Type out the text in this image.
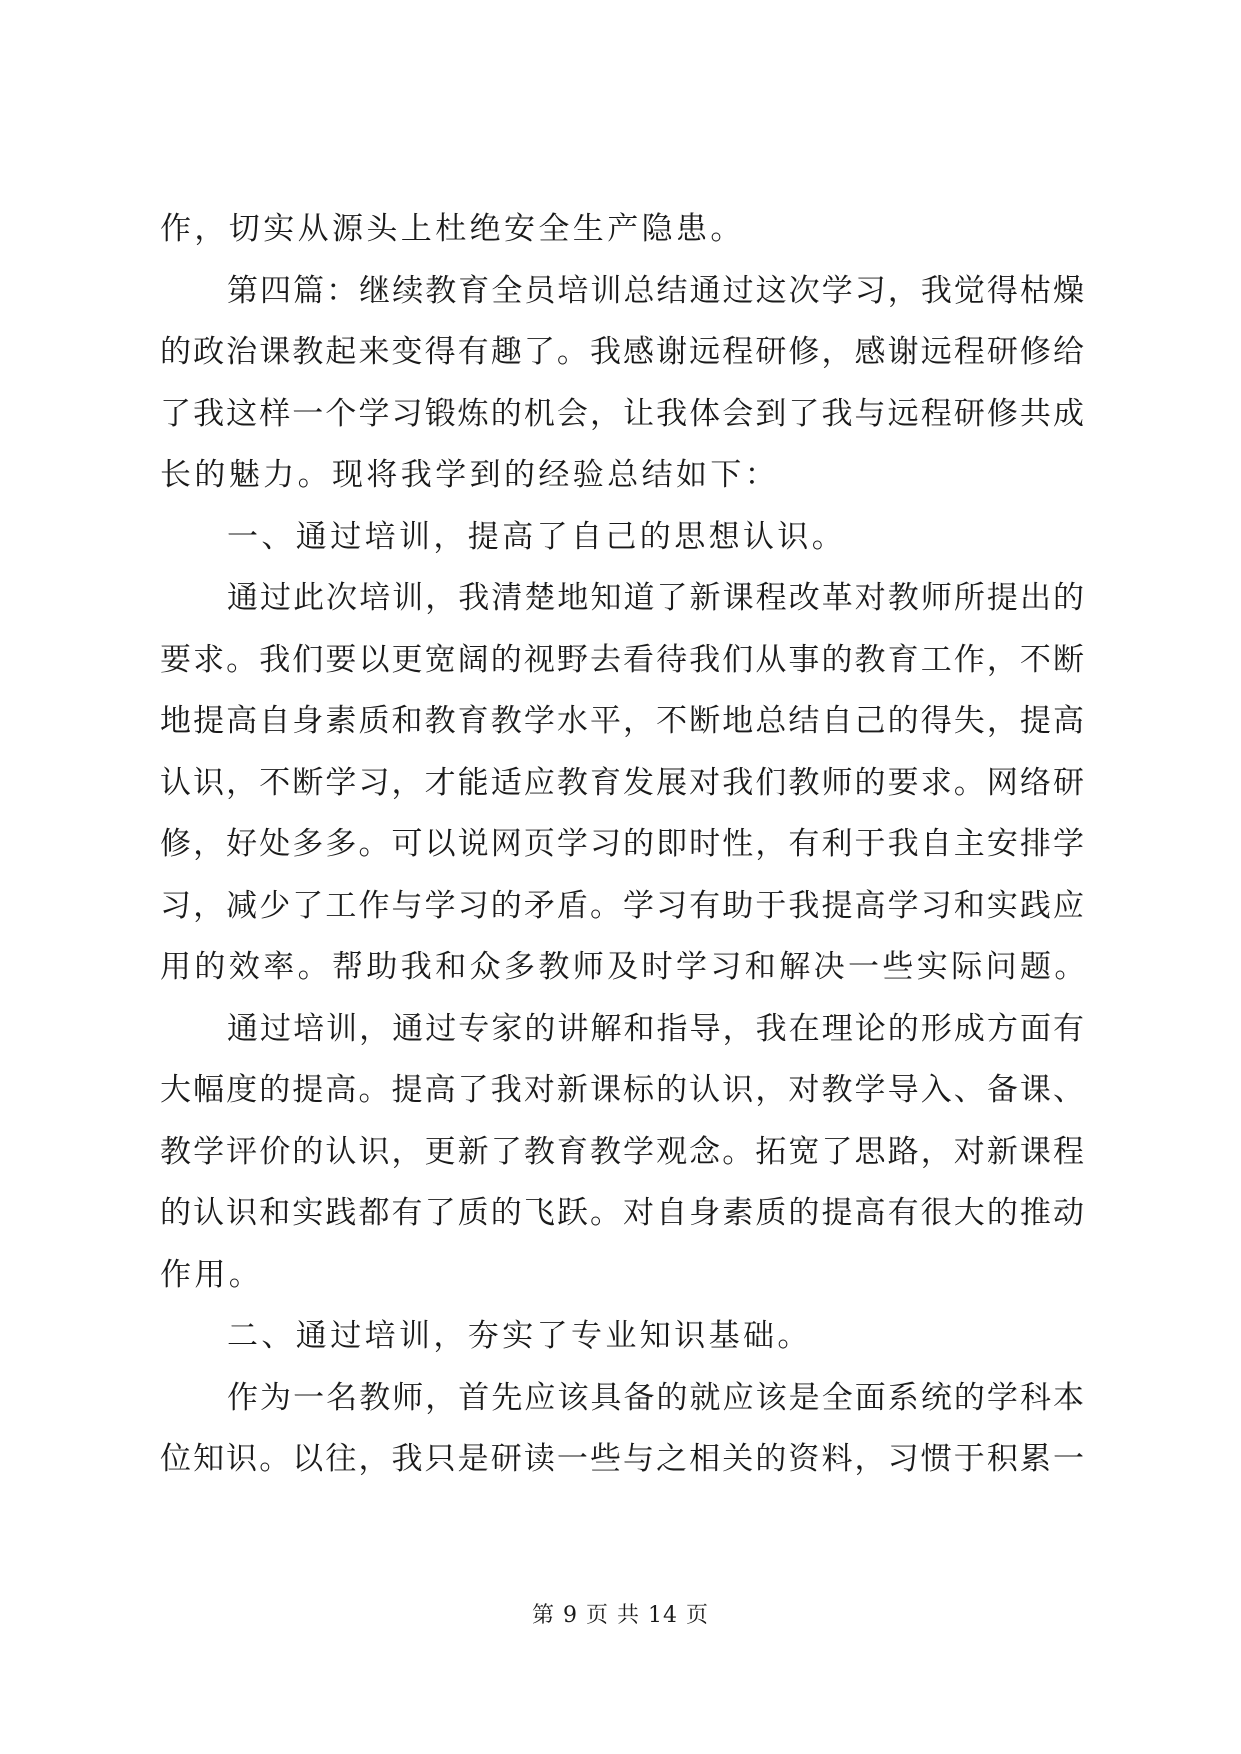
作，切实从源头上杜绝安全生产隐患。
第四篇：继续教育全员培训总结通过这次学习，我觉得枯燥
的政治课教起来变得有趣了。我感谢远程研修，感谢远程研修给
了我这样一个学习锻炼的机会，让我体会到了我与远程研修共成
长的魅力。现将我学到的经验总结如下：
一、通过培训，提高了自己的思想认识。
通过此次培训，我清楚地知道了新课程改革对教师所提出的
要求。我们要以更宽阔的视野去看待我们从事的教育工作，不断
地提高自身素质和教育教学水平，不断地总结自己的得失，提高
认识，不断学习，才能适应教育发展对我们教师的要求。网络研
修，好处多多。可以说网页学习的即时性，有利于我自主安排学
习，减少了工作与学习的矛盾。学习有助于我提高学习和实践应
用的效率。帮助我和众多教师及时学习和解决一些实际问题。
通过培训，通过专家的讲解和指导，我在理论的形成方面有
大幅度的提高。提高了我对新课标的认识，对教学导入、备课、
教学评价的认识，更新了教育教学观念。拓宽了思路，对新课程
的认识和实践都有了质的飞跃。对自身素质的提高有很大的推动
作用。
二、通过培训，夯实了专业知识基础。
作为一名教师，首先应该具备的就应该是全面系统的学科本
位知识。以往，我只是研读一些与之相关的资料，习惯于积累一
第 9 页 共 14 页
